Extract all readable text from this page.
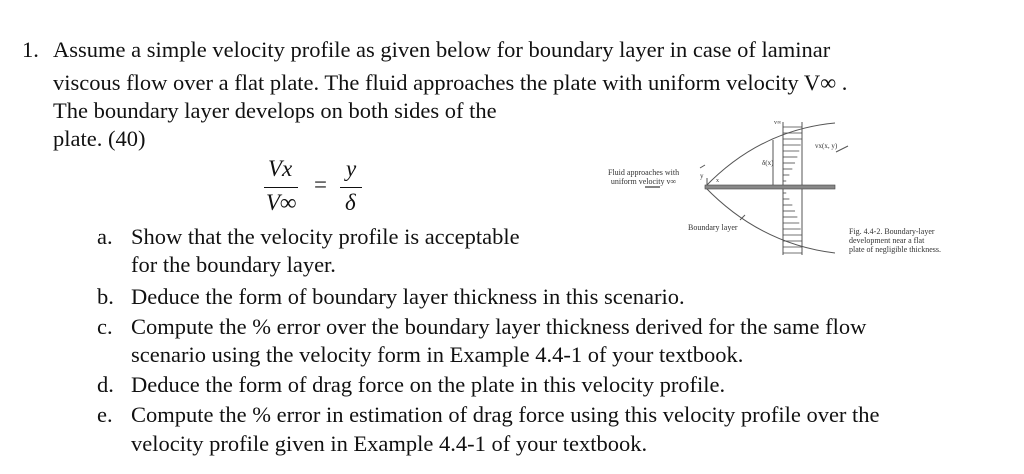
1. Assume a simple velocity profile as given below for boundary layer in case of laminar
viscous flow over a flat plate. The fluid approaches the plate with uniform velocity V∞ .
The boundary layer develops on both sides of the
plate. (40)
Vx
V∞
=
y
δ
a. Show that the velocity profile is acceptable
for the boundary layer.
b. Deduce the form of boundary layer thickness in this scenario.
c. Compute the % error over the boundary layer thickness derived for the same flow
scenario using the velocity form in Example 4.4-1 of your textbook.
d. Deduce the form of drag force on the plate in this velocity profile.
e. Compute the % error in estimation of drag force using this velocity profile over the
velocity profile given in Example 4.4-1 of your textbook.
Fluid approaches with
uniform velocity v∞
v∞
vx(x, y)
δ(x)
y
x
Boundary layer	Fig. 4.4-2. Boundary-layer
development near a flat
plate of negligible thickness.
